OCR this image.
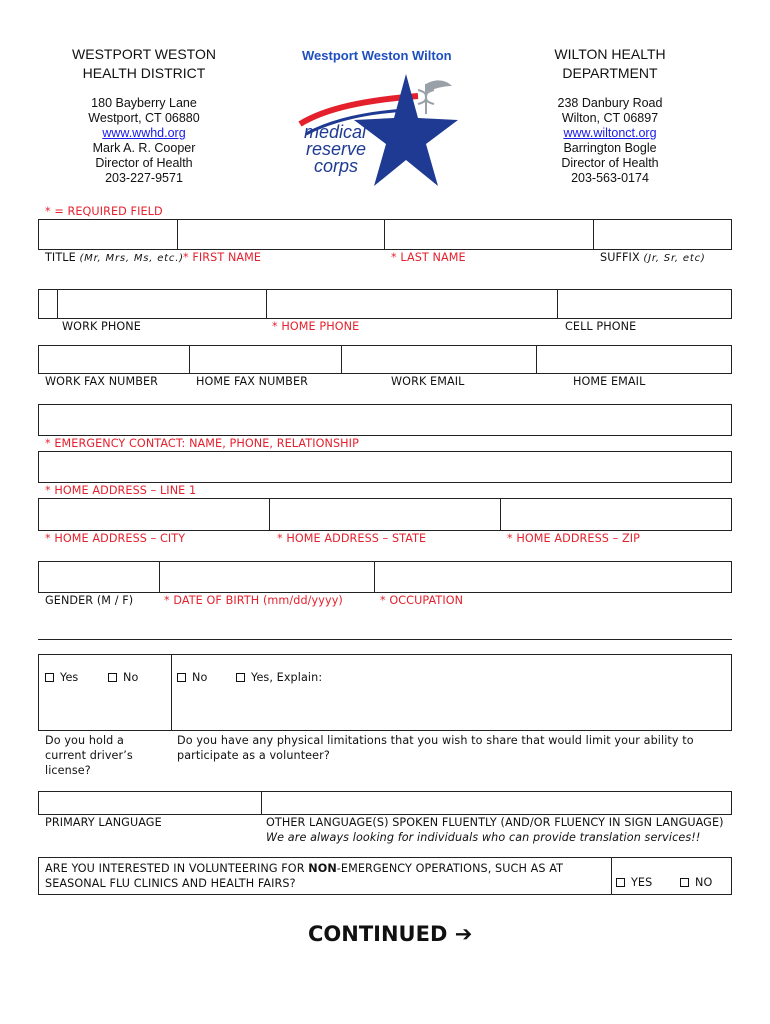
WESTPORT WESTON
HEALTH DISTRICT
180 Bayberry Lane
Westport, CT 06880
www.wwhd.org
Mark A. R. Cooper
Director of Health
203-227-9571
Westport Weston Wilton
medical
reserve
corps
WILTON HEALTH
DEPARTMENT
238 Danbury Road
Wilton, CT 06897
www.wiltonct.org
Barrington Bogle
Director of Health
203-563-0174
* = REQUIRED FIELD
TITLE (Mr, Mrs, Ms, etc.) * FIRST NAME	* LAST NAME	SUFFIX (Jr, Sr, etc)
WORK PHONE	* HOME PHONE	CELL PHONE
WORK FAX NUMBER	HOME FAX NUMBER	WORK EMAIL	HOME EMAIL
* EMERGENCY CONTACT: NAME, PHONE, RELATIONSHIP
* HOME ADDRESS – LINE 1
* HOME ADDRESS – CITY	* HOME ADDRESS – STATE	* HOME ADDRESS – ZIP
GENDER (M / F)	* DATE OF BIRTH (mm/dd/yyyy)	* OCCUPATION
Yes	No	No	Yes, Explain:
Do you hold a
current driver’s
license?
Do you have any physical limitations that you wish to share that would limit your ability to
participate as a volunteer?
PRIMARY LANGUAGE	OTHER LANGUAGE(S) SPOKEN FLUENTLY (AND/OR FLUENCY IN SIGN LANGUAGE)
We are always looking for individuals who can provide translation services!!
ARE YOU INTERESTED IN VOLUNTEERING FOR NON-EMERGENCY OPERATIONS, SUCH AS AT
SEASONAL FLU CLINICS AND HEALTH FAIRS?	YES	NO
CONTINUED ➔
